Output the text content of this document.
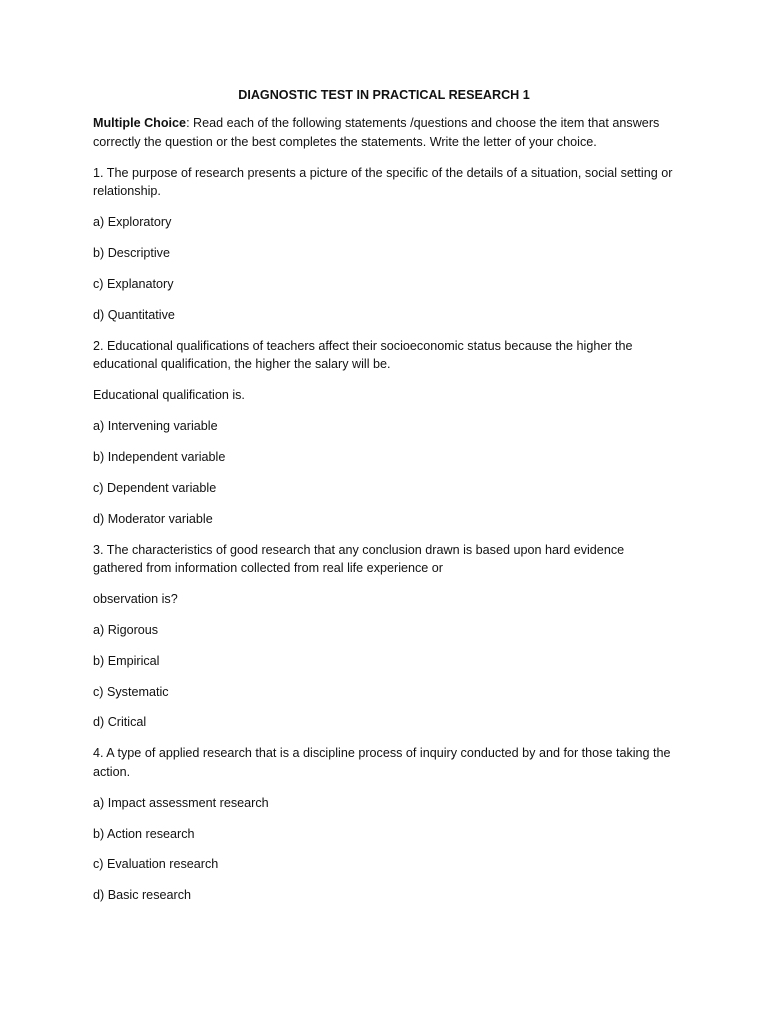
DIAGNOSTIC TEST IN PRACTICAL RESEARCH 1

Multiple Choice: Read each of the following statements /questions and choose the item that answers correctly the question or the best completes the statements. Write the letter of your choice.

1. The purpose of research presents a picture of the specific of the details of a situation, social setting or relationship.

a) Exploratory
b) Descriptive
c) Explanatory
d) Quantitative

2. Educational qualifications of teachers affect their socioeconomic status because the higher the educational qualification, the higher the salary will be.

Educational qualification is.

a) Intervening variable
b) Independent variable
c) Dependent variable
d) Moderator variable

3. The characteristics of good research that any conclusion drawn is based upon hard evidence gathered from information collected from real life experience or

observation is?

a) Rigorous
b) Empirical
c) Systematic
d) Critical

4. A type of applied research that is a discipline process of inquiry conducted by and for those taking the action.

a) Impact assessment research
b) Action research
c) Evaluation research
d) Basic research
